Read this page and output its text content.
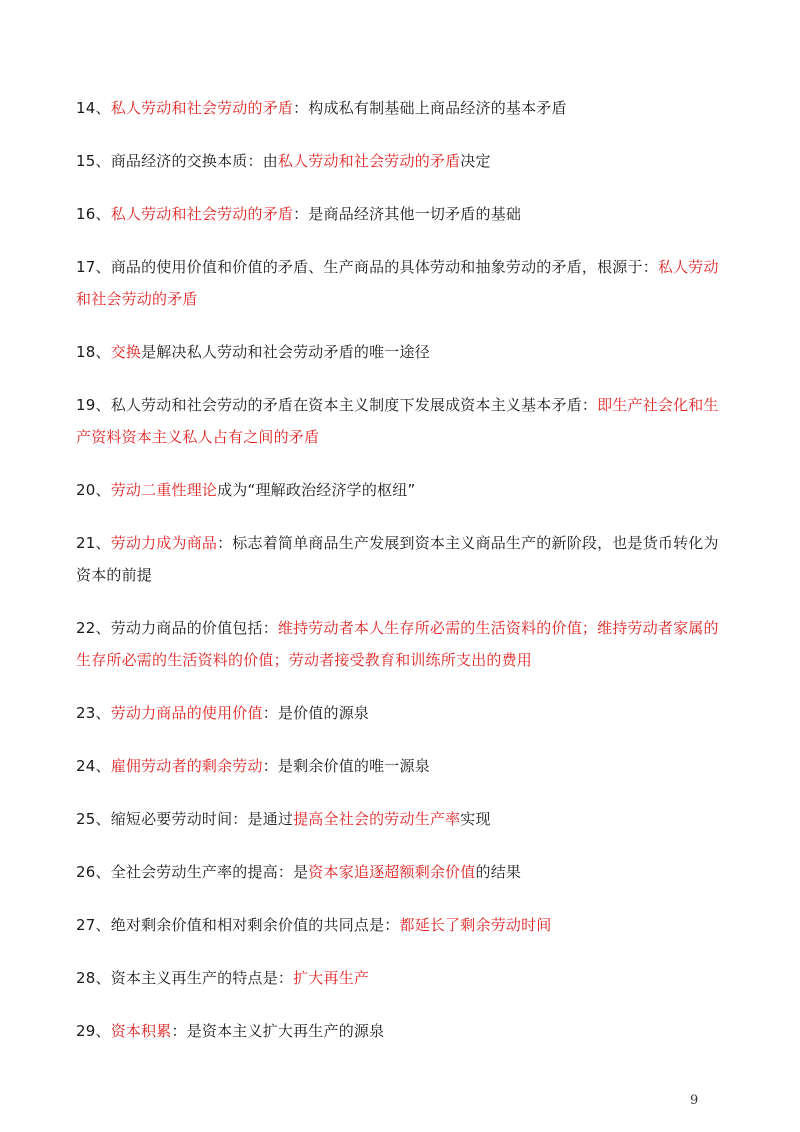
14、私人劳动和社会劳动的矛盾：构成私有制基础上商品经济的基本矛盾
15、商品经济的交换本质：由私人劳动和社会劳动的矛盾决定
16、私人劳动和社会劳动的矛盾：是商品经济其他一切矛盾的基础
17、商品的使用价值和价值的矛盾、生产商品的具体劳动和抽象劳动的矛盾，根源于：私人劳动和社会劳动的矛盾
18、交换是解决私人劳动和社会劳动矛盾的唯一途径
19、私人劳动和社会劳动的矛盾在资本主义制度下发展成资本主义基本矛盾：即生产社会化和生产资料资本主义私人占有之间的矛盾
20、劳动二重性理论成为“理解政治经济学的枢纽”
21、劳动力成为商品：标志着简单商品生产发展到资本主义商品生产的新阶段，也是货币转化为资本的前提
22、劳动力商品的价值包括：维持劳动者本人生存所必需的生活资料的价值；维持劳动者家属的生存所必需的生活资料的价值；劳动者接受教育和训练所支出的费用
23、劳动力商品的使用价值：是价值的源泉
24、雇佣劳动者的剩余劳动：是剩余价值的唯一源泉
25、缩短必要劳动时间：是通过提高全社会的劳动生产率实现
26、全社会劳动生产率的提高：是资本家追逐超额剩余价值的结果
27、绝对剩余价值和相对剩余价值的共同点是：都延长了剩余劳动时间
28、资本主义再生产的特点是：扩大再生产
29、资本积累：是资本主义扩大再生产的源泉
9
